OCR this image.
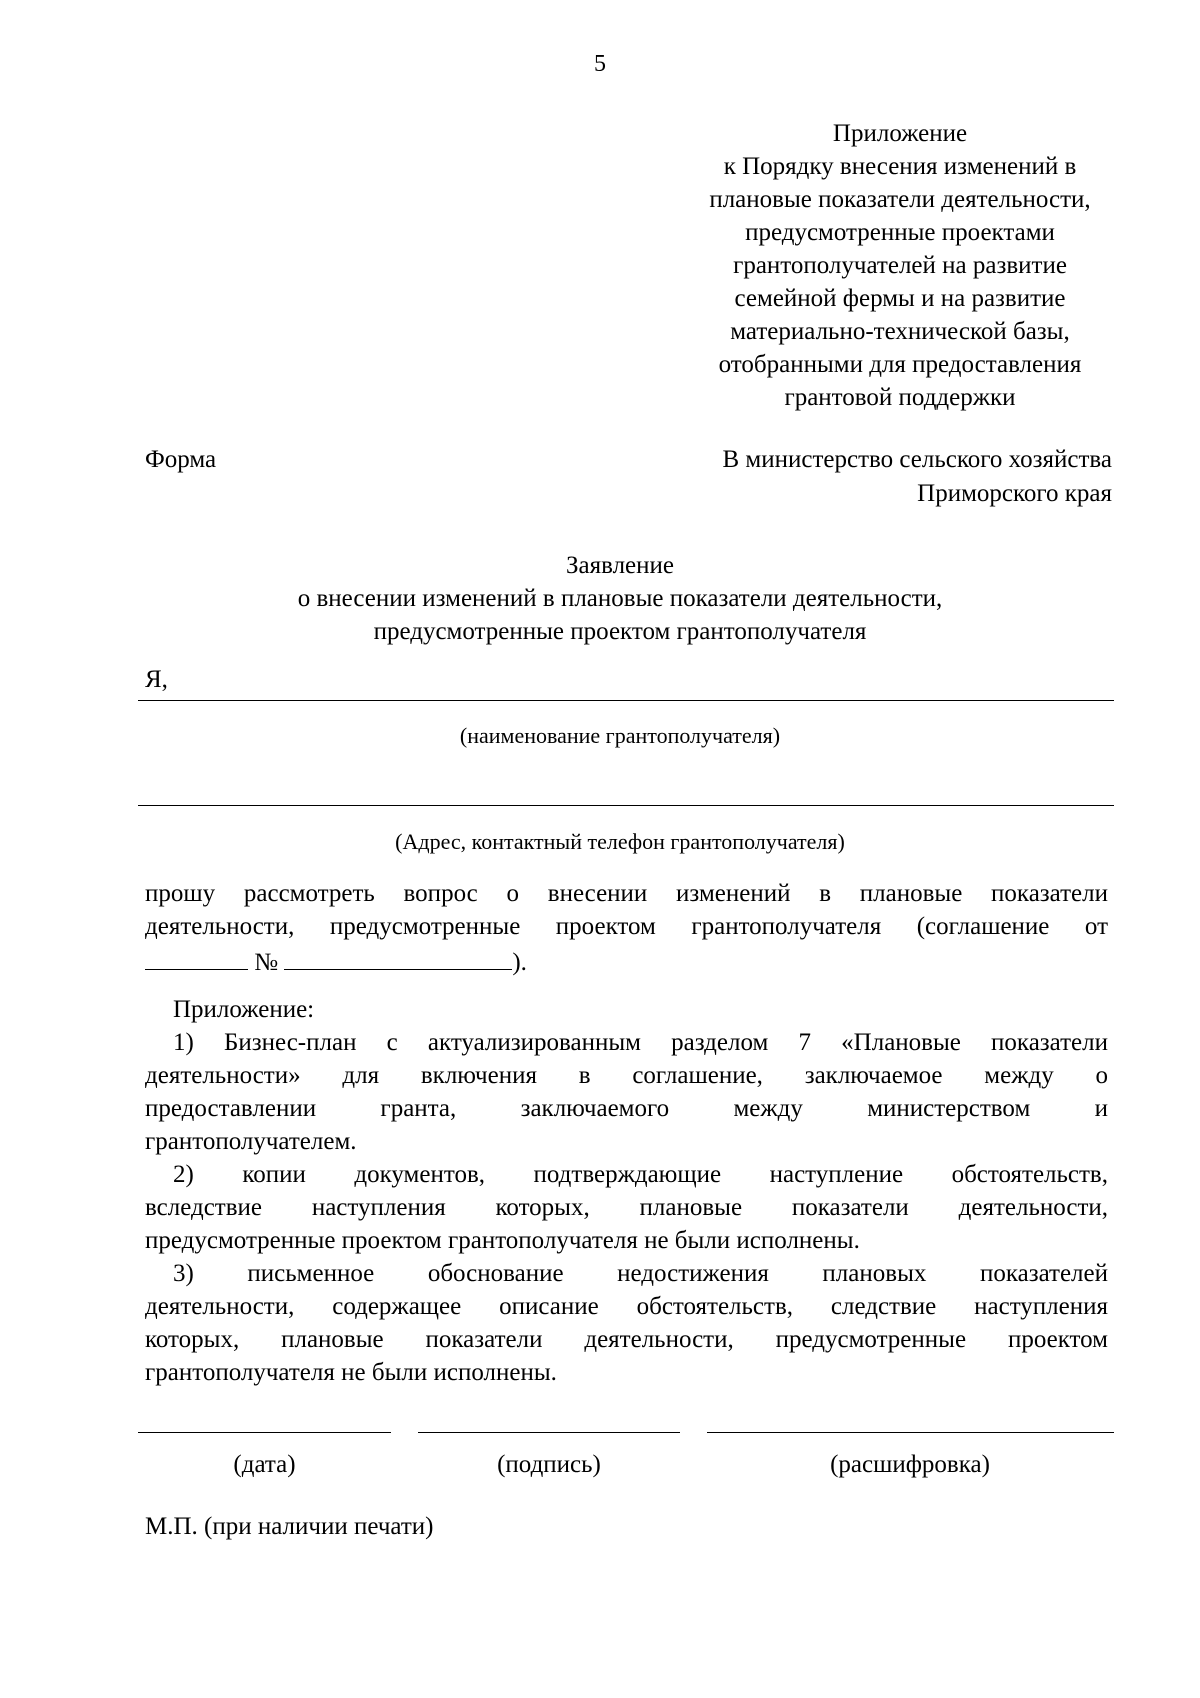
5
Приложение
к Порядку внесения изменений в
плановые показатели деятельности,
предусмотренные проектами
грантополучателей на развитие
семейной фермы и на развитие
материально-технической базы,
отобранными для предоставления
грантовой поддержки
Форма	В министерство сельского хозяйства
Приморского края
Заявление
о внесении изменений в плановые показатели деятельности,
предусмотренные проектом грантополучателя
Я,
(наименование грантополучателя)
(Адрес, контактный телефон грантополучателя)
прошу рассмотреть вопрос о внесении изменений в плановые показатели
деятельности, предусмотренные проектом грантополучателя (соглашение от
№	).
Приложение:
1) Бизнес-план с актуализированным разделом 7 «Плановые показатели
деятельности» для включения в соглашение, заключаемое между о
предоставлении гранта, заключаемого между министерством и
грантополучателем.
2) копии документов, подтверждающие наступление обстоятельств,
вследствие наступления которых, плановые показатели деятельности,
предусмотренные проектом грантополучателя не были исполнены.
3) письменное обоснование недостижения плановых показателей
деятельности, содержащее описание обстоятельств, следствие наступления
которых, плановые показатели деятельности, предусмотренные проектом
грантополучателя не были исполнены.
(дата)	(подпись)	(расшифровка)
М.П. (при наличии печати)
